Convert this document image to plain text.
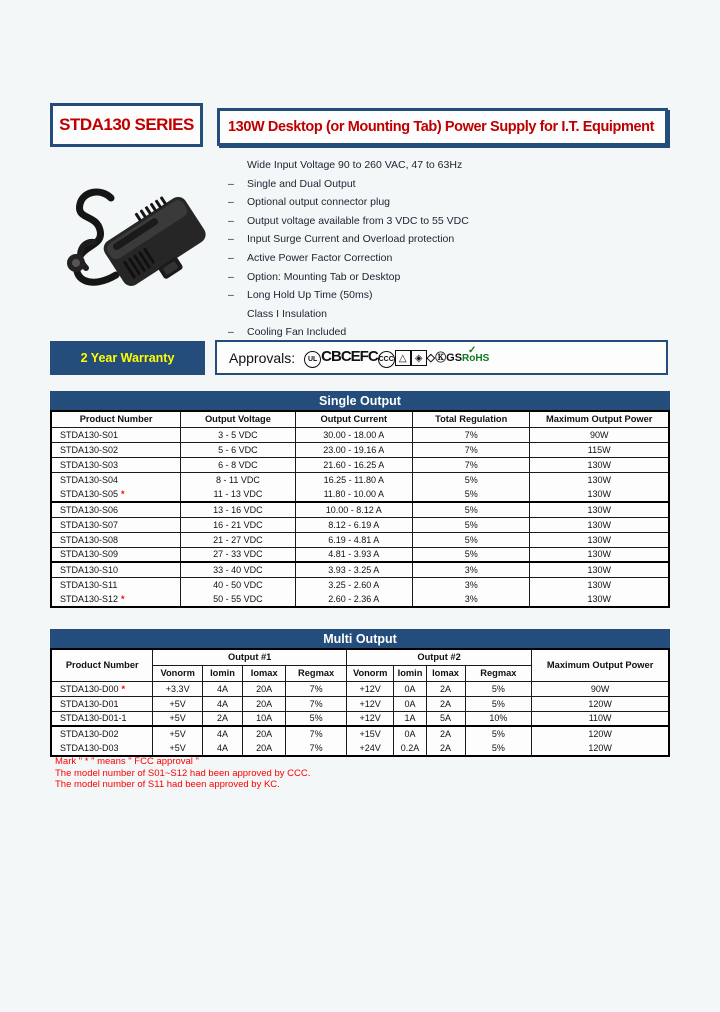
STDA130 SERIES 130W Desktop (or Mounting Tab) Power Supply for I.T. Equipment
Wide Input Voltage 90 to 260 VAC, 47 to 63Hz
–	Single and Dual Output
–	Optional output connector plug
–	Output voltage available from 3 VDC to 55 VDC
–	Input Surge Current and Overload protection
–	Active Power Factor Correction
–	Option: Mounting Tab or Desktop
–	Long Hold Up Time (50ms)
Class I Insulation
–	Cooling Fan Included
2 Year Warranty	Approvals:	UL CBCEFCCCC △ ◈ ◇ⓀGS✓ RoHS
Single Output
Product Number	Output Voltage	Output Current	Total Regulation	Maximum Output Power
STDA130-S01	3 - 5 VDC	30.00 - 18.00 A	7%	90W
STDA130-S02	5 - 6 VDC	23.00 - 19.16 A	7%	115W
STDA130-S03	6 - 8 VDC	21.60 - 16.25 A	7%	130W
STDA130-S04	8 - 11 VDC	16.25 - 11.80 A	5%	130W
STDA130-S05 *	11 - 13 VDC	11.80 - 10.00 A	5%	130W
STDA130-S06	13 - 16 VDC	10.00 - 8.12 A	5%	130W
STDA130-S07	16 - 21 VDC	8.12 - 6.19 A	5%	130W
STDA130-S08	21 - 27 VDC	6.19 - 4.81 A	5%	130W
STDA130-S09	27 - 33 VDC	4.81 - 3.93 A	5%	130W
STDA130-S10	33 - 40 VDC	3.93 - 3.25 A	3%	130W
STDA130-S11	40 - 50 VDC	3.25 - 2.60 A	3%	130W
STDA130-S12 *	50 - 55 VDC	2.60 - 2.36 A	3%	130W
Multi Output
Product Number	Output #1				Output #2				Maximum Output Power
	Vonorm	Iomin	Iomax	Regmax	Vonorm	Iomin	Iomax	Regmax	
STDA130-D00 *	+3.3V	4A	20A	7%	+12V	0A	2A	5%	90W
STDA130-D01	+5V	4A	20A	7%	+12V	0A	2A	5%	120W
STDA130-D01-1	+5V	2A	10A	5%	+12V	1A	5A	10%	110W
STDA130-D02	+5V	4A	20A	7%	+15V	0A	2A	5%	120W
STDA130-D03	+5V	4A	20A	7%	+24V	0.2A	2A	5%	120W
Mark " * " means " FCC approval "
The model number of S01~S12 had been approved by CCC.
The model number of S11 had been approved by KC.
